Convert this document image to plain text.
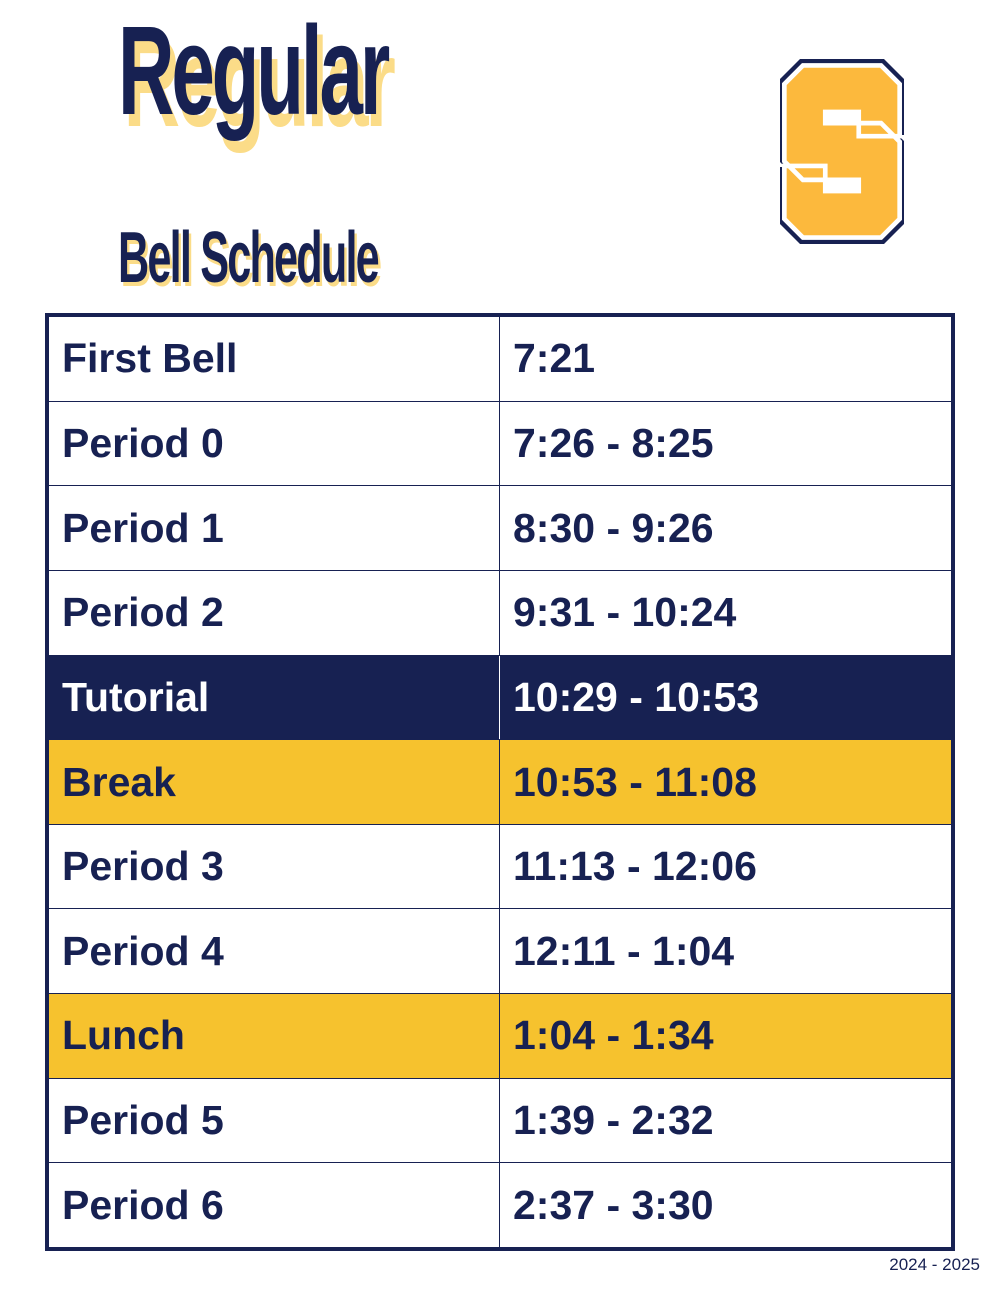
Regular
Bell Schedule
First Bell	7:21
Period 0	7:26 - 8:25
Period 1	8:30 - 9:26
Period 2	9:31 - 10:24
Tutorial	10:29 - 10:53
Break	10:53 - 11:08
Period 3	11:13 - 12:06
Period 4	12:11 - 1:04
Lunch	1:04 - 1:34
Period 5	1:39 - 2:32
Period 6	2:37 - 3:30
2024 - 2025
